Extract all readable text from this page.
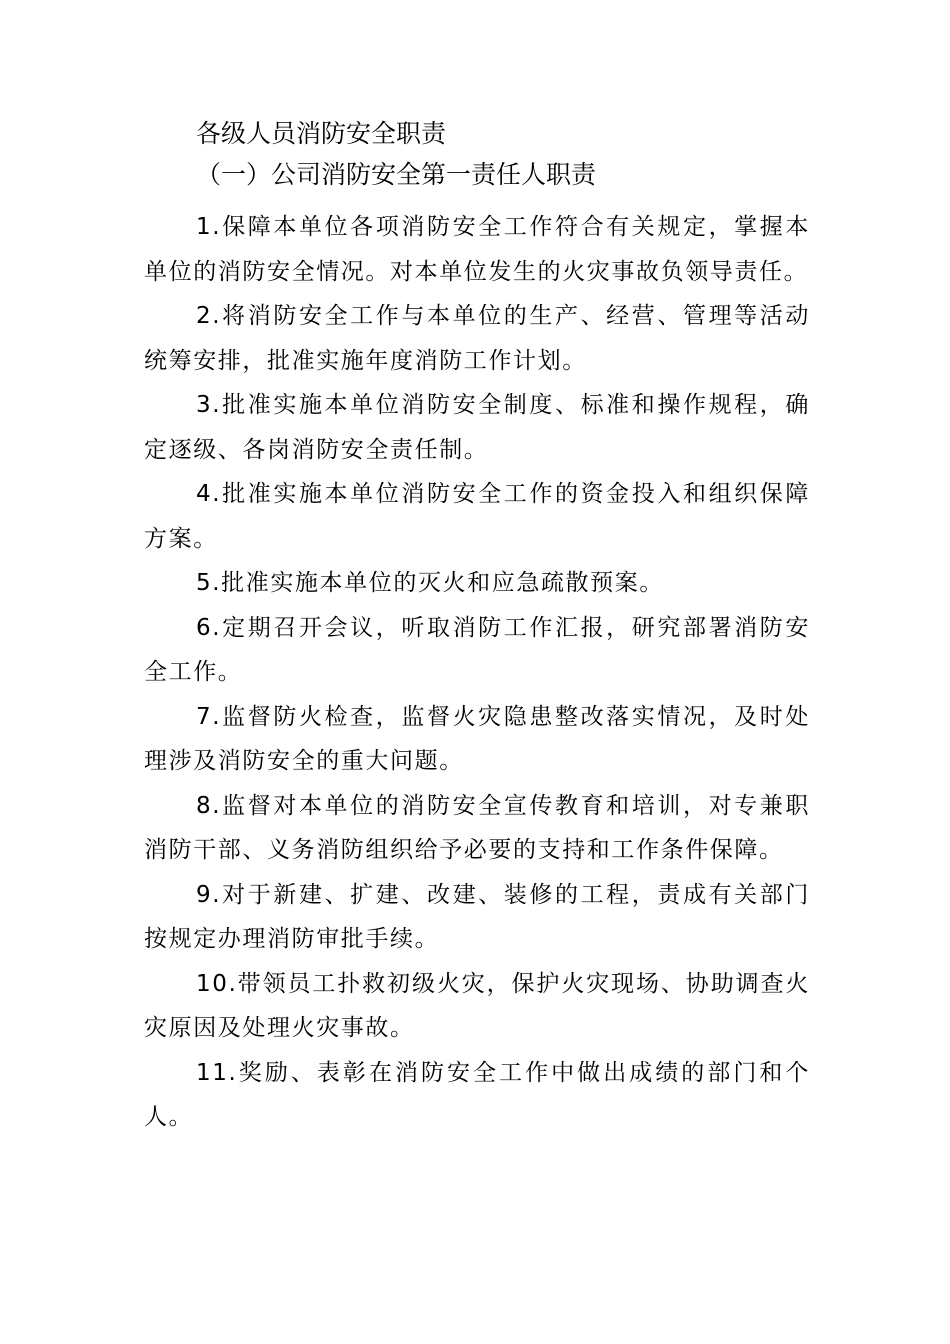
各级人员消防安全职责
（一）公司消防安全第一责任人职责

1.保障本单位各项消防安全工作符合有关规定，掌握本单位的消防安全情况。对本单位发生的火灾事故负领导责任。

2.将消防安全工作与本单位的生产、经营、管理等活动统筹安排，批准实施年度消防工作计划。

3.批准实施本单位消防安全制度、标准和操作规程，确定逐级、各岗消防安全责任制。

4.批准实施本单位消防安全工作的资金投入和组织保障方案。

5.批准实施本单位的灭火和应急疏散预案。

6.定期召开会议，听取消防工作汇报，研究部署消防安全工作。

7.监督防火检查，监督火灾隐患整改落实情况，及时处理涉及消防安全的重大问题。

8.监督对本单位的消防安全宣传教育和培训，对专兼职消防干部、义务消防组织给予必要的支持和工作条件保障。

9.对于新建、扩建、改建、装修的工程，责成有关部门按规定办理消防审批手续。

10.带领员工扑救初级火灾，保护火灾现场、协助调查火灾原因及处理火灾事故。

11.奖励、表彰在消防安全工作中做出成绩的部门和个人。
